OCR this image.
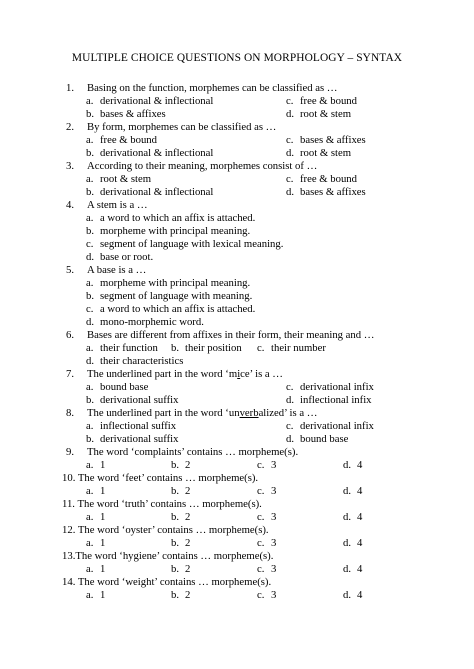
MULTIPLE CHOICE QUESTIONS ON MORPHOLOGY – SYNTAX
1. Basing on the function, morphemes can be classified as …
a. derivational & inflectional	c. free & bound
b. bases & affixes	d. root & stem
2. By form, morphemes can be classified as …
a. free & bound	c. bases & affixes
b. derivational & inflectional	d. root & stem
3. According to their meaning, morphemes consist of …
a. root & stem	c. free & bound
b. derivational & inflectional	d. bases & affixes
4. A stem is a …
a. a word to which an affix is attached.
b. morpheme with principal meaning.
c. segment of language with lexical meaning.
d. base or root.
5. A base is a …
a. morpheme with principal meaning.
b. segment of language with meaning.
c. a word to which an affix is attached.
d. mono-morphemic word.
6. Bases are different from affixes in their form, their meaning and …
a. their function b. their position c. their number
d. their characteristics
7. The underlined part in the word ‘mice’ is a …
a. bound base	c. derivational infix
b. derivational suffix	d. inflectional infix
8. The underlined part in the word ‘unverbalized’ is a …
a. inflectional suffix	c. derivational infix
b. derivational suffix	d. bound base
9. The word ‘complaints’ contains … morpheme(s).
a. 1	b. 2	c. 3	d. 4
10. The word ‘feet’ contains … morpheme(s).
a. 1	b. 2	c. 3	d. 4
11. The word ‘truth’ contains … morpheme(s).
a. 1	b. 2	c. 3	d. 4
12. The word ‘oyster’ contains … morpheme(s).
a. 1	b. 2	c. 3	d. 4
13.The word ‘hygiene’ contains … morpheme(s).
a. 1	b. 2	c. 3	d. 4
14. The word ‘weight’ contains … morpheme(s).
a. 1	b. 2	c. 3	d. 4
